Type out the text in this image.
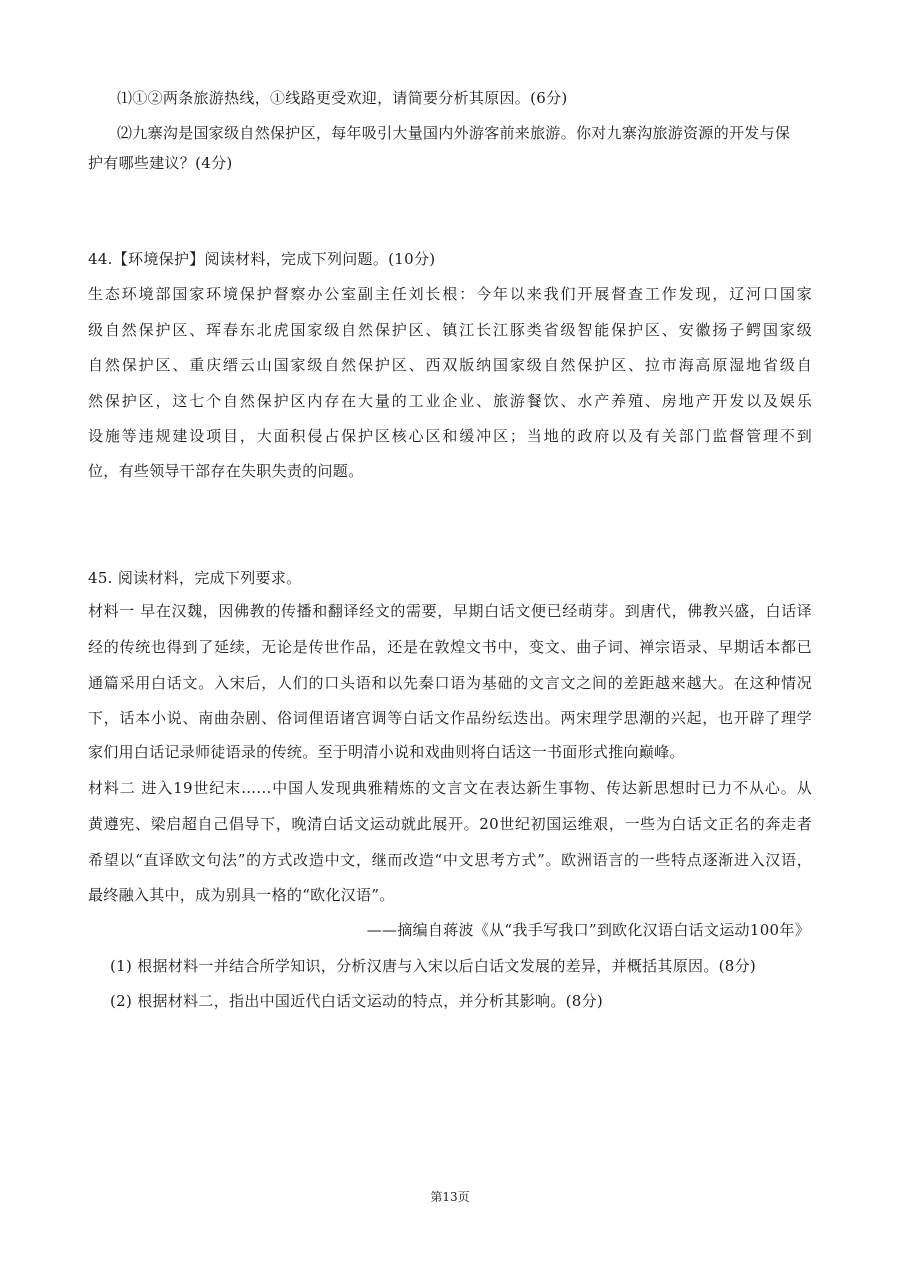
⑴①②两条旅游热线，①线路更受欢迎，请简要分析其原因。(6分)
⑵九寨沟是国家级自然保护区，每年吸引大量国内外游客前来旅游。你对九寨沟旅游资源的开发与保
护有哪些建议？(4分)
44.【环境保护】阅读材料，完成下列问题。(10分)
生态环境部国家环境保护督察办公室副主任刘长根：今年以来我们开展督查工作发现，辽河口国家
级自然保护区、珲春东北虎国家级自然保护区、镇江长江豚类省级智能保护区、安徽扬子鳄国家级
自然保护区、重庆缙云山国家级自然保护区、西双版纳国家级自然保护区、拉市海高原湿地省级自
然保护区，这七个自然保护区内存在大量的工业企业、旅游餐饮、水产养殖、房地产开发以及娱乐
设施等违规建设项目，大面积侵占保护区核心区和缓冲区；当地的政府以及有关部门监督管理不到
位，有些领导干部存在失职失责的问题。
45. 阅读材料，完成下列要求。
材料一 早在汉魏，因佛教的传播和翻译经文的需要，早期白话文便已经萌芽。到唐代，佛教兴盛，白话译
经的传统也得到了延续，无论是传世作品，还是在敦煌文书中，变文、曲子词、禅宗语录、早期话本都已
通篇采用白话文。入宋后，人们的口头语和以先秦口语为基础的文言文之间的差距越来越大。在这种情况
下，话本小说、南曲杂剧、俗词俚语诸宫调等白话文作品纷纭迭出。两宋理学思潮的兴起，也开辟了理学
家们用白话记录师徒语录的传统。至于明清小说和戏曲则将白话这一书面形式推向巅峰。
材料二 进入19世纪末……中国人发现典雅精炼的文言文在表达新生事物、传达新思想时已力不从心。从
黄遵宪、梁启超自己倡导下，晚清白话文运动就此展开。20世纪初国运维艰，一些为白话文正名的奔走者
希望以“直译欧文句法”的方式改造中文，继而改造“中文思考方式”。欧洲语言的一些特点逐渐进入汉语，
最终融入其中，成为别具一格的“欧化汉语”。
——摘编自蒋波《从“我手写我口”到欧化汉语白话文运动100年》
(1) 根据材料一并结合所学知识，分析汉唐与入宋以后白话文发展的差异，并概括其原因。(8分)
(2) 根据材料二，指出中国近代白话文运动的特点，并分析其影响。(8分)
第13页
